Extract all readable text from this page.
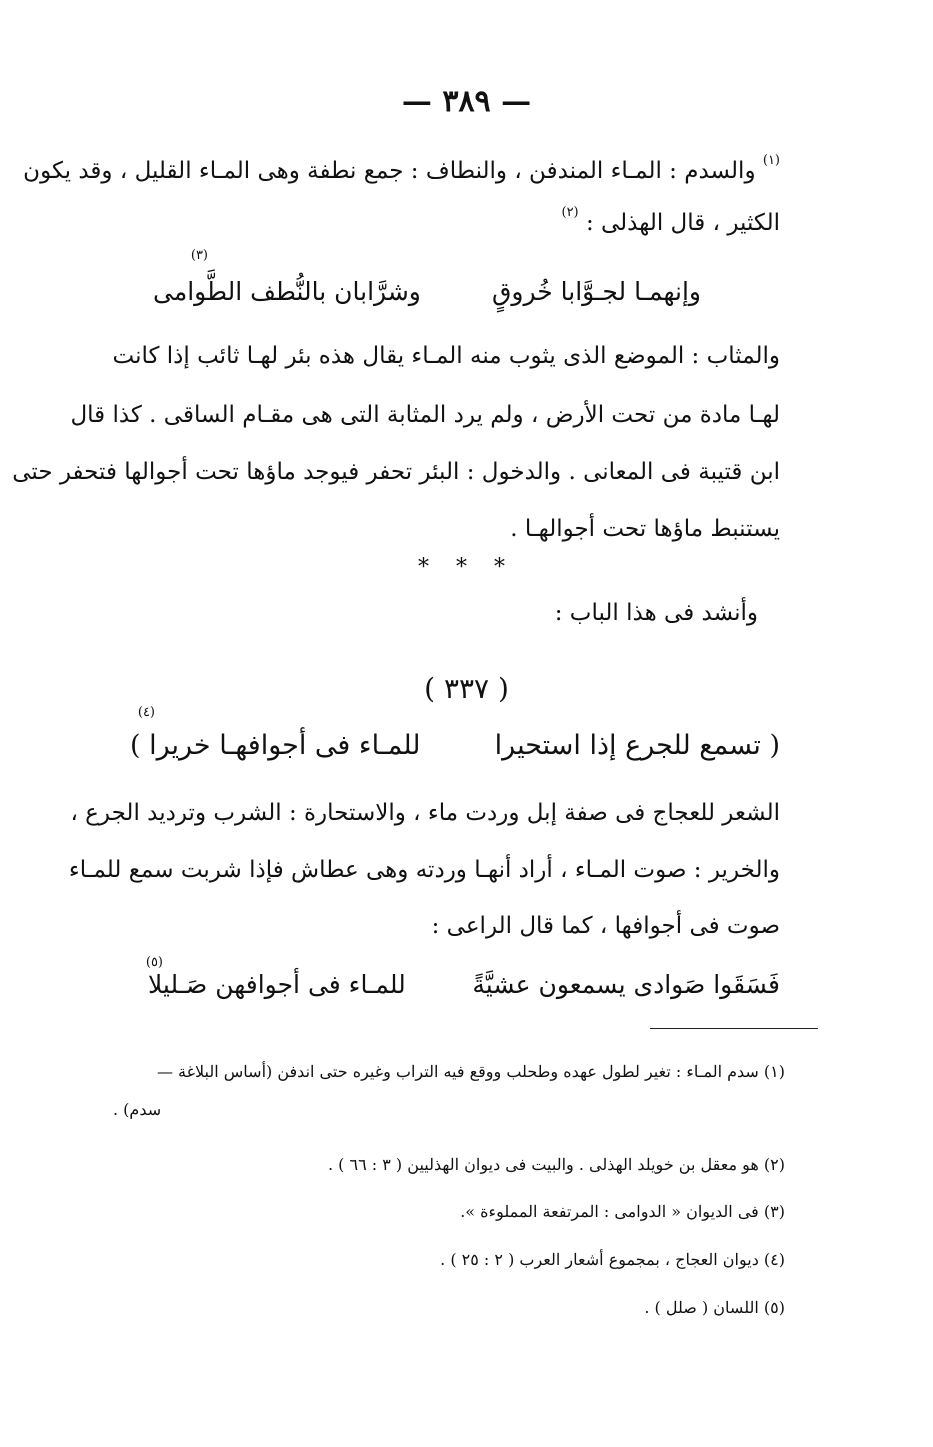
— ٣٨٩ —
$^{(١)}$ والسدم : المـاء المندفن ، والنطاف : جمع نطفة وهى المـاء القليل ، وقد يكون
الكثير ، قال الهذلى : $^{(٢)}$
وإنهمـا لجـوَّابا خُروقٍ
(٣)
وشرَّابان بالنُّطف الطَّوامى
والمثاب : الموضع الذى يثوب منه المـاء يقال هذه بئر لهـا ثائب إذا كانت
لهـا مادة من تحت الأرض ، ولم يرد المثابة التى هى مقـام الساقى . كذا قال
ابن قتيبة فى المعانى . والدخول : البئر تحفر فيوجد ماؤها تحت أجوالها فتحفر حتى
يستنبط ماؤها تحت أجوالهـا .
* * *
وأنشد فى هذا الباب :
( ٣٣٧ )
(٤)
( تسمع للجرع إذا استحيرا
للمـاء فى أجوافهـا خريرا )
الشعر للعجاج فى صفة إبل وردت ماء ، والاستحارة : الشرب وترديد الجرع ،
والخرير : صوت المـاء ، أراد أنهـا وردته وهى عطاش فإذا شربت سمع للمـاء
صوت فى أجوافها ، كما قال الراعى :
فَسَقَوا صَوادى يسمعون عشيَّةً
(٥)
للمـاء فى أجوافهن صَـليلا
(١) سدم المـاء : تغير لطول عهده وطحلب ووقع فيه التراب وغيره حتى اندفن (أساس البلاغة —
سدم) .
(٢) هو معقل بن خويلد الهذلى . والبيت فى ديوان الهذليين ( ٣ : ٦٦ ) .
(٣) فى الديوان « الدوامى : المرتفعة المملوءة ».
(٤) ديوان العجاج ، بمجموع أشعار العرب ( ٢ : ٢٥ ) .
(٥) اللسان ( صلل ) .
